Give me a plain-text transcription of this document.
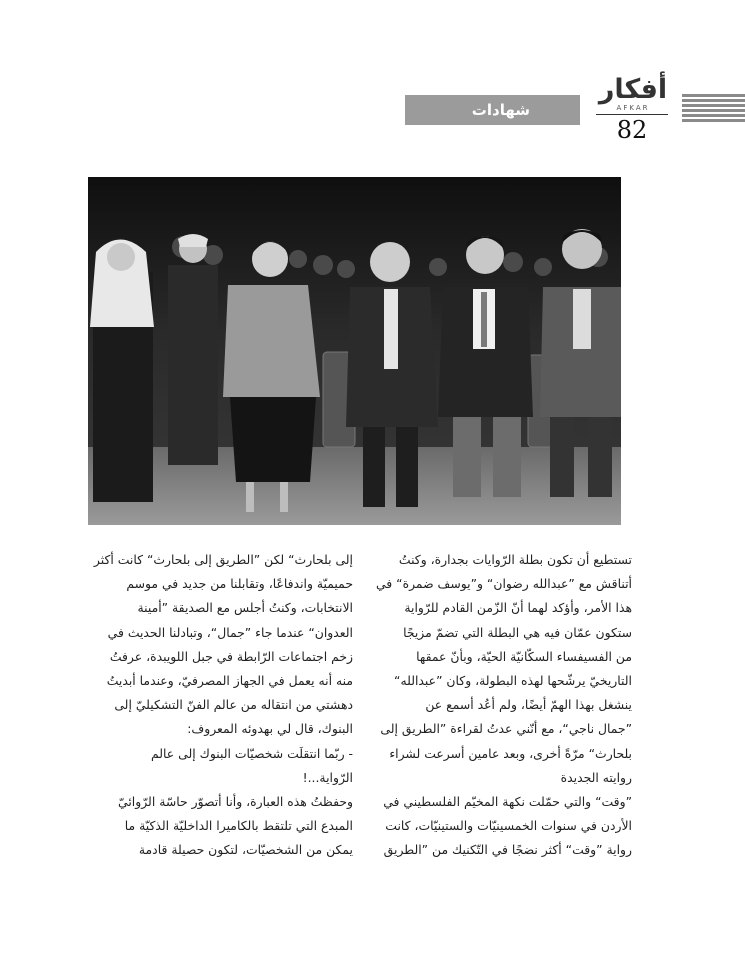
شهادات
أفكار
AFKAR
82

تستطيع أن تكون بطلة الرّوايات بجدارة، وكنتُ

أتناقش مع ”عبدالله رضوان“ و”يوسف ضمرة“ في

هذا الأمر، وأؤكد لهما أنّ الزّمن القادم للرّواية

ستكون عمّان فيه هي البطلة التي تضمّ مزيجًا

من الفسيفساء السكّانيّة الحيّة، وبأنّ عمقها

التاريخيّ يرشّحها لهذه البطولة، وكان ”عبدالله“

ينشغل بهذا الهمّ أيضًا، ولم أعُد أسمع عن

”جمال ناجي“، مع أنّني عدتُ لقراءة ”الطريق إلى

بلحارث“ مرّةً أخرى، وبعد عامين أسرعت لشراء

روايته الجديدة

”وقت“ والتي حمّلت نكهة المخيّم الفلسطيني في

الأردن في سنوات الخمسينيّات والستينيّات، كانت

رواية ”وقت“ أكثر نضجًا في التّكنيك من ”الطريق

إلى بلحارث“ لكن ”الطريق إلى بلحارث“ كانت أكثر

حميميّة واندفاعًا، وتقابلنا من جديد في موسم

الانتخابات، وكنتُ أجلس مع الصديقة ”أمينة

العدوان“ عندما جاء ”جمال“، وتبادلنا الحديث في

زخم اجتماعات الرّابطة في جبل اللويبدة، عرفتُ

منه أنه يعمل في الجهاز المصرفيّ، وعندما أبديتُ

دهشتي من انتقاله من عالم الفنّ التشكيليّ إلى

البنوك، قال لي بهدوئه المعروف:

- ربّما انتقلَت شخصيّات البنوك إلى عالم

الرّواية...!

وحفظتُ هذه العبارة، وأنا أتصوّر حاسّة الرّوائيّ

المبدع التي تلتقط بالكاميرا الداخليّة الذكيّة ما

يمكن من الشخصيّات، لتكون حصيلة قادمة
